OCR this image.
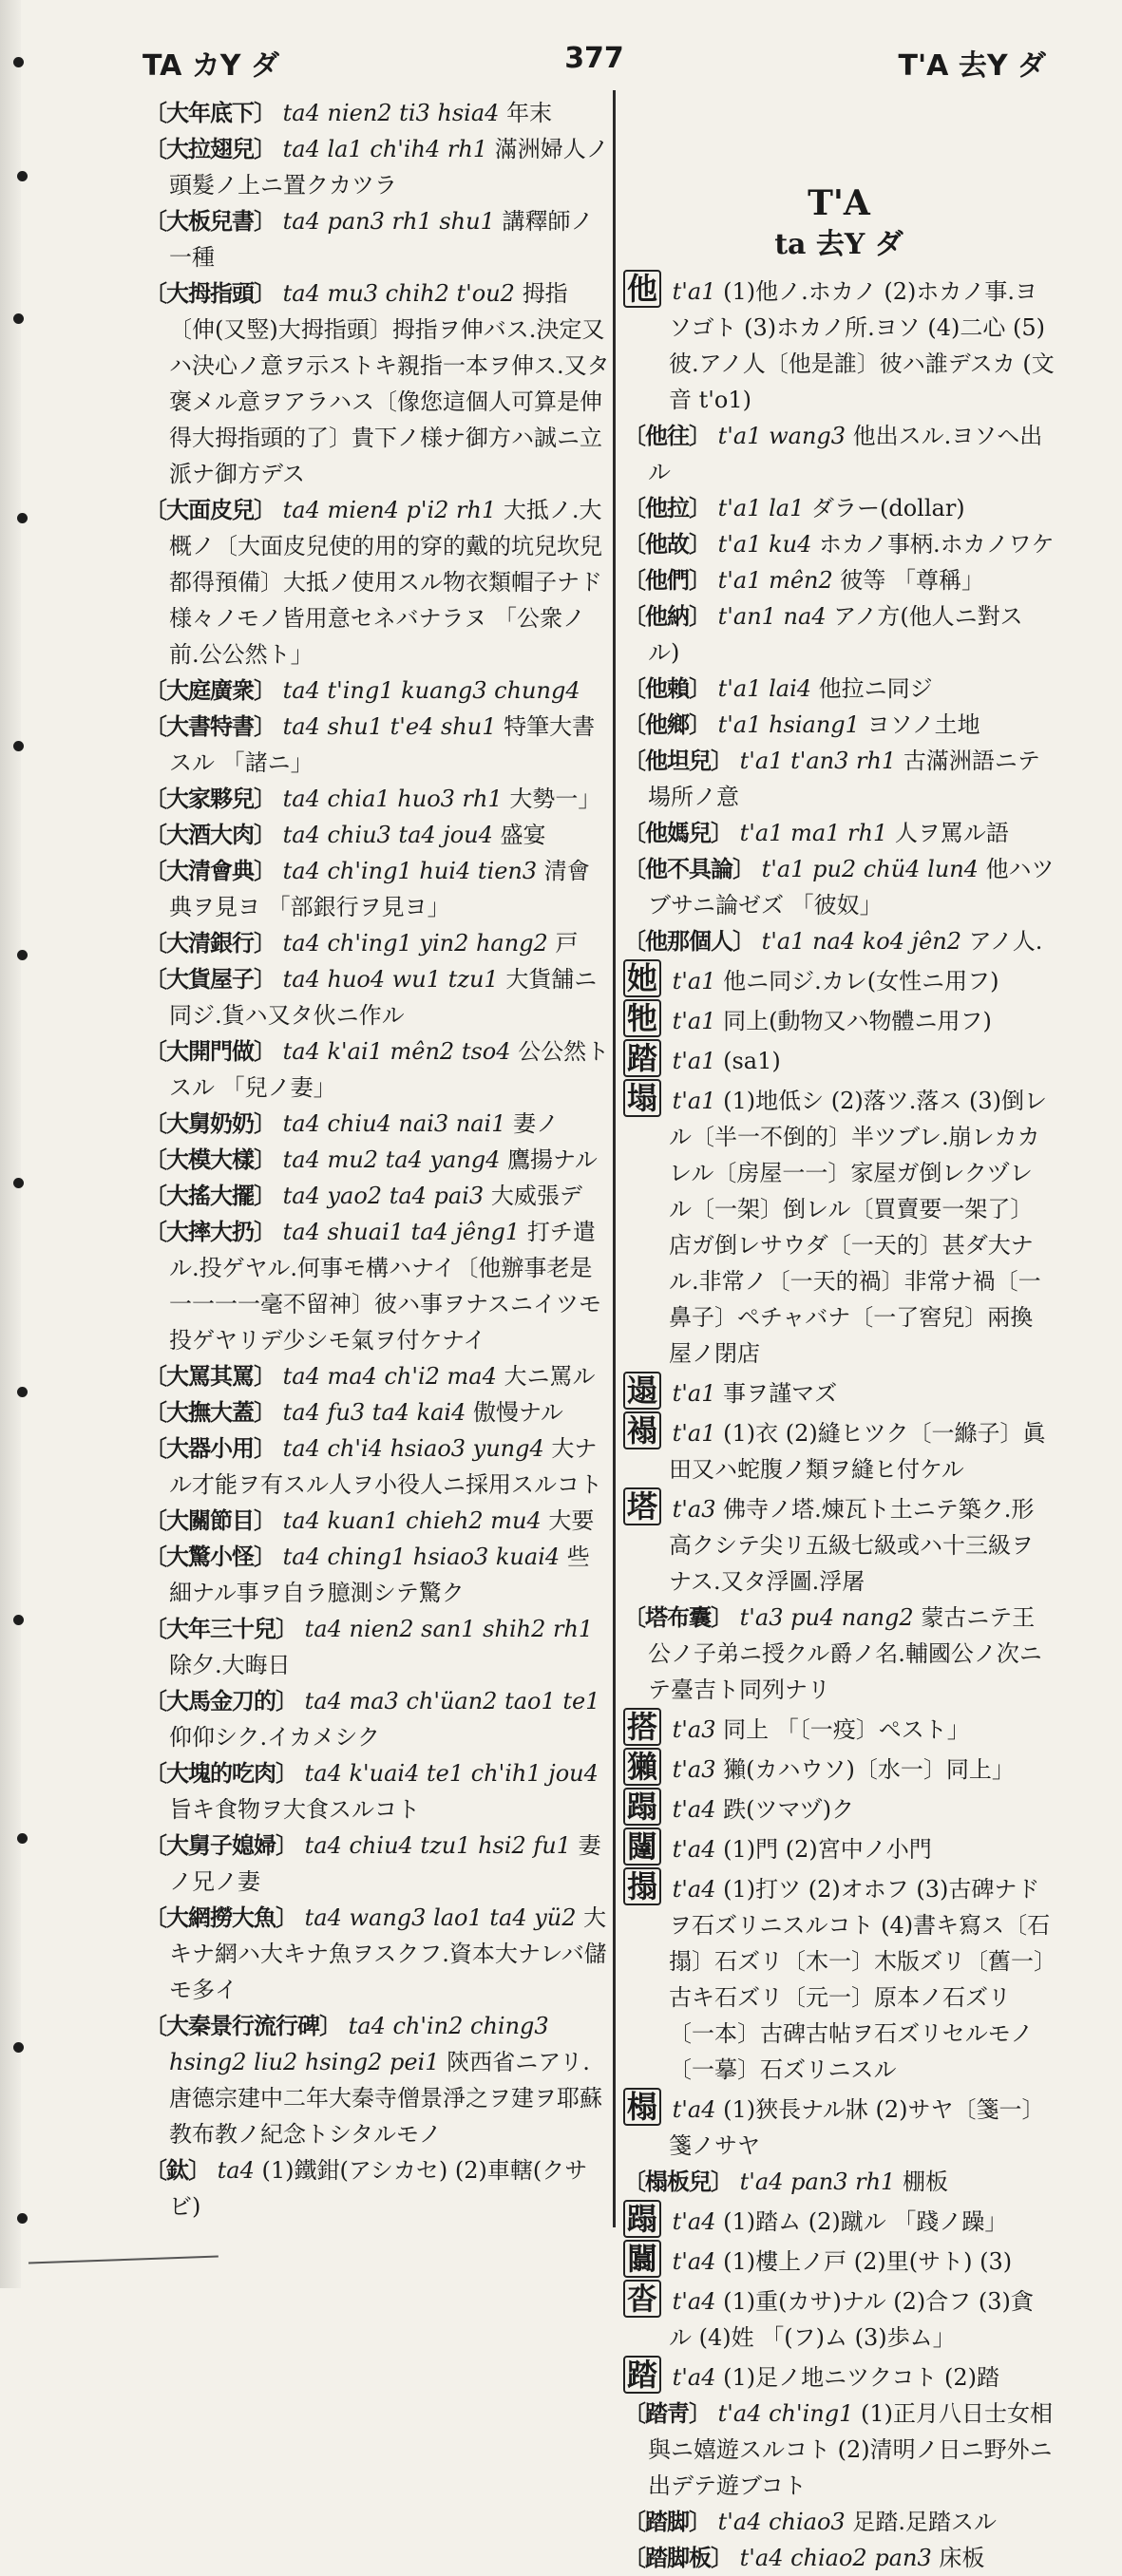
TA カY ダ	377	T'A 去Y ダ

〔大年底下〕 ta4 nien2 ti3 hsia4 年末

〔大拉翅兒〕 ta4 la1 ch'ih4 rh1 滿洲婦人ノ頭髮ノ上ニ置クカツラ

〔大板兒書〕 ta4 pan3 rh1 shu1 講釋師ノ一種

〔大拇指頭〕 ta4 mu3 chih2 t'ou2 拇指〔伸(又竪)大拇指頭〕拇指ヲ伸バス.決定又ハ決心ノ意ヲ示ストキ親指一本ヲ伸ス.又タ褒メル意ヲアラハス〔像您這個人可算是伸得大拇指頭的了〕貴下ノ様ナ御方ハ誠ニ立派ナ御方デス

〔大面皮兒〕 ta4 mien4 p'i2 rh1 大抵ノ.大概ノ〔大面皮兒使的用的穿的戴的坑兒坎兒都得預備〕大抵ノ使用スル物衣類帽子ナド様々ノモノ皆用意セネバナラヌ 「公衆ノ前.公公然ト」

〔大庭廣衆〕 ta4 t'ing1 kuang3 chung4

〔大書特書〕 ta4 shu1 t'e4 shu1 特筆大書スル 「諸ニ」

〔大家夥兒〕 ta4 chia1 huo3 rh1 大勢一」

〔大酒大肉〕 ta4 chiu3 ta4 jou4 盛宴

〔大清會典〕 ta4 ch'ing1 hui4 tien3 清會典ヲ見ヨ 「部銀行ヲ見ヨ」

〔大清銀行〕 ta4 ch'ing1 yin2 hang2 戸

〔大貨屋子〕 ta4 huo4 wu1 tzu1 大貨舗ニ同ジ.貨ハ又タ伙ニ作ル

〔大開門做〕 ta4 k'ai1 mên2 tso4 公公然トスル 「兒ノ妻」

〔大舅奶奶〕 ta4 chiu4 nai3 nai1 妻ノ

〔大模大樣〕 ta4 mu2 ta4 yang4 鷹揚ナル

〔大搖大擺〕 ta4 yao2 ta4 pai3 大威張デ

〔大摔大扔〕 ta4 shuai1 ta4 jêng1 打チ遣ル.投ゲヤル.何事モ構ハナイ〔他辦事老是一一一一毫不留神〕彼ハ事ヲナスニイツモ投ゲヤリデ少シモ氣ヲ付ケナイ

〔大罵其罵〕 ta4 ma4 ch'i2 ma4 大ニ罵ル

〔大撫大蓋〕 ta4 fu3 ta4 kai4 傲慢ナル

〔大器小用〕 ta4 ch'i4 hsiao3 yung4 大ナル才能ヲ有スル人ヲ小役人ニ採用スルコト

〔大關節目〕 ta4 kuan1 chieh2 mu4 大要

〔大驚小怪〕 ta4 ching1 hsiao3 kuai4 些細ナル事ヲ自ラ臆測シテ驚ク

〔大年三十兒〕 ta4 nien2 san1 shih2 rh1 除夕.大晦日

〔大馬金刀的〕 ta4 ma3 ch'üan2 tao1 te1 仰仰シク.イカメシク

〔大塊的吃肉〕 ta4 k'uai4 te1 ch'ih1 jou4 旨キ食物ヲ大食スルコト

〔大舅子媳婦〕 ta4 chiu4 tzu1 hsi2 fu1 妻ノ兄ノ妻

〔大網撈大魚〕 ta4 wang3 lao1 ta4 yü2 大キナ網ハ大キナ魚ヲスクフ.資本大ナレバ儲モ多イ

〔大秦景行流行碑〕 ta4 ch'in2 ching3 hsing2 liu2 hsing2 pei1 陝西省ニアリ.唐德宗建中二年大秦寺僧景淨之ヲ建ヲ耶蘇教布教ノ紀念トシタルモノ

〔鈦〕 ta4 (1)鐵鉗(アシカセ) (2)車轄(クサビ)

T'A
ta 去Y ダ

他 t'a1 (1)他ノ.ホカノ (2)ホカノ事.ヨソゴト (3)ホカノ所.ヨソ (4)二心 (5)彼.アノ人〔他是誰〕彼ハ誰デスカ (文音 t'o1)

〔他往〕 t'a1 wang3 他出スル.ヨソヘ出ル

〔他拉〕 t'a1 la1 ダラー(dollar)

〔他故〕 t'a1 ku4 ホカノ事柄.ホカノワケ

〔他們〕 t'a1 mên2 彼等 「尊稱」

〔他納〕 t'an1 na4 アノ方(他人ニ對スル)

〔他賴〕 t'a1 lai4 他拉ニ同ジ

〔他鄉〕 t'a1 hsiang1 ヨソノ土地

〔他坦兒〕 t'a1 t'an3 rh1 古滿洲語ニテ場所ノ意

〔他媽兒〕 t'a1 ma1 rh1 人ヲ罵ル語

〔他不具論〕 t'a1 pu2 chü4 lun4 他ハツブサニ論ゼズ 「彼奴」

〔他那個人〕 t'a1 na4 ko4 jên2 アノ人.

她 t'a1 他ニ同ジ.カレ(女性ニ用フ)

牠 t'a1 同上(動物又ハ物體ニ用フ)

踏 t'a1 (sa1)

塌 t'a1 (1)地低シ (2)落ツ.落ス (3)倒レル〔半一不倒的〕半ツブレ.崩レカカレル〔房屋一一〕家屋ガ倒レクヅレル〔一架〕倒レル〔買賣要一架了〕店ガ倒レサウダ〔一天的〕甚ダ大ナル.非常ノ〔一天的禍〕非常ナ禍〔一鼻子〕ペチャバナ〔一了窖兒〕兩換屋ノ閉店

遢 t'a1 事ヲ謹マズ

褟 t'a1 (1)衣 (2)縫ヒツク〔一縧子〕眞田又ハ蛇腹ノ類ヲ縫ヒ付ケル

塔 t'a3 佛寺ノ塔.煉瓦ト土ニテ築ク.形高クシテ尖リ五級七級或ハ十三級ヲナス.又タ浮圖.浮屠

〔塔布囊〕 t'a3 pu4 nang2 蒙古ニテ王公ノ子弟ニ授クル爵ノ名.輔國公ノ次ニテ臺吉ト同列ナリ

搭 t'a3 同上 「〔一疫〕ペスト」

獺 t'a3 獺(カハウソ)〔水一〕同上」

蹋 t'a4 跌(ツマヅ)ク

闥 t'a4 (1)門 (2)宮中ノ小門

搨 t'a4 (1)打ツ (2)オホフ (3)古碑ナドヲ石ズリニスルコト (4)書キ寫ス〔石搨〕石ズリ〔木一〕木版ズリ〔舊一〕古キ石ズリ〔元一〕原本ノ石ズリ〔一本〕古碑古帖ヲ石ズリセルモノ〔一摹〕石ズリニスル

榻 t'a4 (1)狹長ナル牀 (2)サヤ〔箋一〕箋ノサヤ

〔榻板兒〕 t'a4 pan3 rh1 棚板

蹋 t'a4 (1)踏ム (2)蹴ル 「踐ノ躁」

闒 t'a4 (1)樓上ノ戸 (2)里(サト) (3)

沓 t'a4 (1)重(カサ)ナル (2)合フ (3)貪ル (4)姓 「(フ)ム (3)歩ム」

踏 t'a4 (1)足ノ地ニツクコト (2)踏

〔踏靑〕 t'a4 ch'ing1 (1)正月八日士女相與ニ嬉遊スルコト (2)清明ノ日ニ野外ニ出デテ遊ブコト

〔踏脚〕 t'a4 chiao3 足踏.足踏スル

〔踏脚板〕 t'a4 chiao2 pan3 床板
